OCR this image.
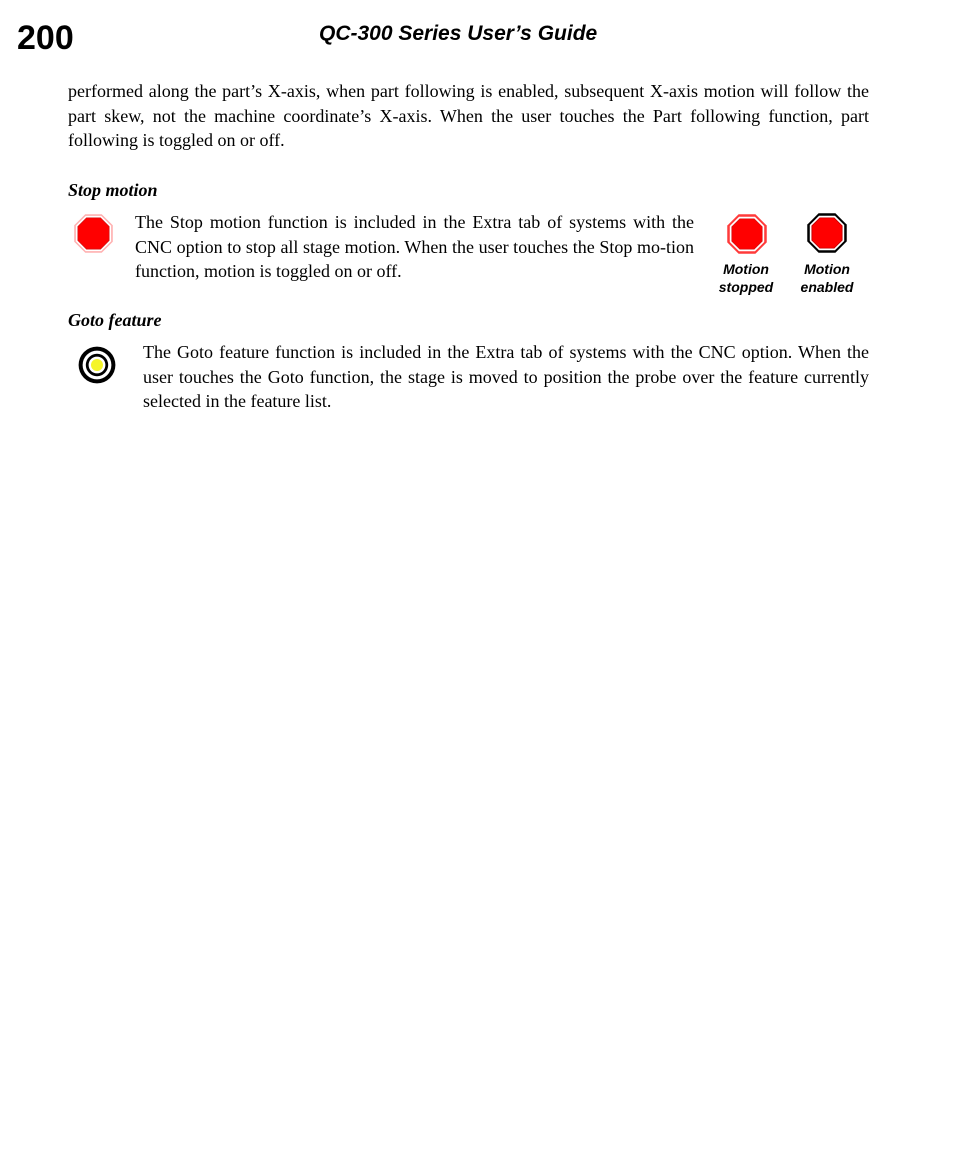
200	QC-300 Series User’s Guide

performed along the part’s X-axis, when part following is enabled, subsequent X-axis motion will follow the part skew, not the machine coordinate’s X-axis. When the user touches the Part following function, part following is toggled on or off.

Stop motion

The Stop motion function is included in the Extra tab of systems with the CNC option to stop all stage motion. When the user touches the Stop mo-tion function, motion is toggled on or off.	Motion
stopped
Motion
enabled
Goto feature

The Goto feature function is included in the Extra tab of systems with the CNC option. When the user touches the Goto function, the stage is moved to position the probe over the feature currently selected in the feature list.
